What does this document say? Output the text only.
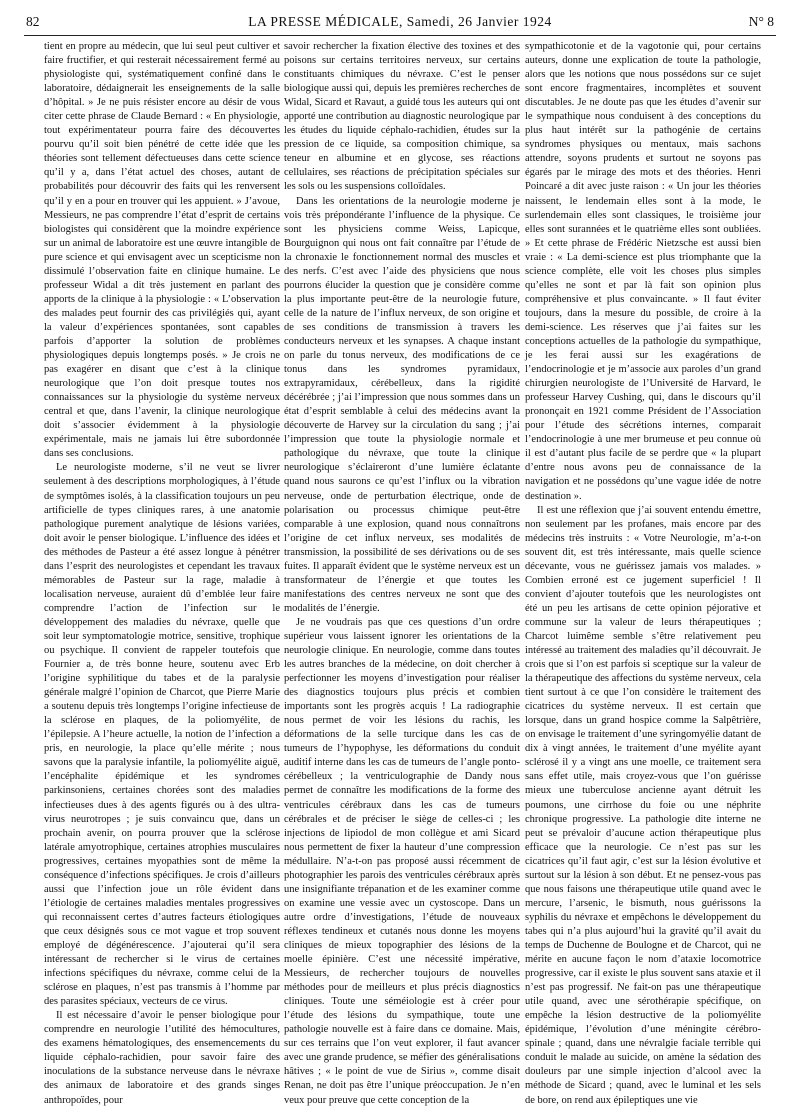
82	LA PRESSE MÉDICALE, Samedi, 26 Janvier 1924	N° 8

tient en propre au médecin, que lui seul peut cultiver et faire fructifier, et qui resterait nécessairement fermé au physiologiste qui, systématiquement confiné dans le laboratoire, dédaignerait les enseignements de la salle d’hôpital. » Je ne puis résister encore au désir de vous citer cette phrase de Claude Bernard : « En physiologie, tout expérimentateur pourra faire des découvertes pourvu qu’il soit bien pénétré de cette idée que les théories sont tellement défectueuses dans cette science qu’il y a, dans l’état actuel des choses, autant de probabilités pour découvrir des faits qui les renversent qu’il y en a pour en trouver qui les appuient. » J’avoue, Messieurs, ne pas comprendre l’état d’esprit de certains biologistes qui considèrent que la moindre expérience sur un animal de laboratoire est une œuvre intangible de pure science et qui envisagent avec un scepticisme non dissimulé l’observation faite en clinique humaine. Le professeur Widal a dit très justement en parlant des apports de la clinique à la physiologie : « L’observation des malades peut fournir des cas privilégiés qui, ayant la valeur d’expériences spontanées, sont capables parfois d’apporter la solution de problèmes physiologiques depuis longtemps posés. » Je crois ne pas exagérer en disant que c’est à la clinique neurologique que l’on doit presque toutes nos connaissances sur la physiologie du système nerveux central et que, dans l’avenir, la clinique neurologique doit s’associer évidemment à la physiologie expérimentale, mais ne jamais lui être subordonnée dans ses conclusions.

Le neurologiste moderne, s’il ne veut se livrer seulement à des descriptions morphologiques, à l’étude de symptômes isolés, à la classification toujours un peu artificielle de types cliniques rares, à une anatomie pathologique purement analytique de lésions variées, doit avoir le penser biologique. L’influence des idées et des méthodes de Pasteur a été assez longue à pénétrer dans l’esprit des neurologistes et cependant les travaux mémorables de Pasteur sur la rage, maladie à localisation nerveuse, auraient dû d’emblée leur faire comprendre l’action de l’infection sur le développement des maladies du névraxe, quelle que soit leur symptomatologie motrice, sensitive, trophique ou psychique. Il convient de rappeler toutefois que Fournier a, de très bonne heure, soutenu avec Erb l’origine syphilitique du tabes et de la paralysie générale malgré l’opinion de Charcot, que Pierre Marie a soutenu depuis très longtemps l’origine infectieuse de la sclérose en plaques, de la poliomyélite, de l’épilepsie. A l’heure actuelle, la notion de l’infection a pris, en neurologie, la place qu’elle mérite ; nous savons que la paralysie infantile, la poliomyélite aiguë, l’encéphalite épidémique et les syndromes parkinsoniens, certaines chorées sont des maladies infectieuses dues à des agents figurés ou à des ultra-virus neurotropes ; je suis convaincu que, dans un prochain avenir, on pourra prouver que la sclérose latérale amyotrophique, certaines atrophies musculaires progressives, certaines myopathies sont de même la conséquence d’infections spécifiques. Je crois d’ailleurs aussi que l’infection joue un rôle évident dans l’étiologie de certaines maladies mentales progressives qui reconnaissent certes d’autres facteurs étiologiques que ceux désignés sous ce mot vague et trop souvent employé de dégénérescence. J’ajouterai qu’il sera intéressant de rechercher si le virus de certaines infections spécifiques du névraxe, comme celui de la sclérose en plaques, n’est pas transmis à l’homme par des parasites spéciaux, vecteurs de ce virus.

Il est nécessaire d’avoir le penser biologique pour comprendre en neurologie l’utilité des hémocultures, des examens hématologiques, des ensemencements du liquide céphalo-rachidien, pour savoir faire des inoculations de la substance nerveuse dans le névraxe des animaux de laboratoire et des grands singes anthropoïdes, pour

savoir rechercher la fixation élective des toxines et des poisons sur certains territoires nerveux, sur certains constituants chimiques du névraxe. C’est le penser biologique aussi qui, depuis les premières recherches de Widal, Sicard et Ravaut, a guidé tous les auteurs qui ont apporté une contribution au diagnostic neurologique par les études du liquide céphalo-rachidien, études sur la pression de ce liquide, sa composition chimique, sa teneur en albumine et en glycose, ses réactions cellulaires, ses réactions de précipitation spéciales sur les sols ou les suspensions colloïdales.

Dans les orientations de la neurologie moderne je vois très prépondérante l’influence de la physique. Ce sont les physiciens comme Weiss, Lapicque, Bourguignon qui nous ont fait connaître par l’étude de la chronaxie le fonctionnement normal des muscles et des nerfs. C’est avec l’aide des physiciens que nous pourrons élucider la question que je considère comme la plus importante peut-être de la neurologie future, celle de la nature de l’influx nerveux, de son origine et de ses conditions de transmission à travers les conducteurs nerveux et les synapses. A chaque instant on parle du tonus nerveux, des modifications de ce tonus dans les syndromes pyramidaux, extrapyramidaux, cérébelleux, dans la rigidité décérébrée ; j’ai l’impression que nous sommes dans un état d’esprit semblable à celui des médecins avant la découverte de Harvey sur la circulation du sang ; j’ai l’impression que toute la physiologie normale et pathologique du névraxe, que toute la clinique neurologique s’éclaireront d’une lumière éclatante quand nous saurons ce qu’est l’influx ou la vibration nerveuse, onde de perturbation électrique, onde de polarisation ou processus chimique peut-être comparable à une explosion, quand nous connaîtrons l’origine de cet influx nerveux, ses modalités de transmission, la possibilité de ses dérivations ou de ses fuites. Il apparaît évident que le système nerveux est un transformateur de l’énergie et que toutes les manifestations des centres nerveux ne sont que des modalités de l’énergie.

Je ne voudrais pas que ces questions d’un ordre supérieur vous laissent ignorer les orientations de la neurologie clinique. En neurologie, comme dans toutes les autres branches de la médecine, on doit chercher à perfectionner les moyens d’investigation pour réaliser des diagnostics toujours plus précis et combien importants sont les progrès acquis ! La radiographie nous permet de voir les lésions du rachis, les déformations de la selle turcique dans les cas de tumeurs de l’hypophyse, les déformations du conduit auditif interne dans les cas de tumeurs de l’angle ponto-cérébelleux ; la ventriculographie de Dandy nous permet de connaître les modifications de la forme des ventricules cérébraux dans les cas de tumeurs cérébrales et de préciser le siège de celles-ci ; les injections de lipiodol de mon collègue et ami Sicard nous permettent de fixer la hauteur d’une compression médullaire. N’a-t-on pas proposé aussi récemment de photographier les parois des ventricules cérébraux après une insignifiante trépanation et de les examiner comme on examine une vessie avec un cystoscope. Dans un autre ordre d’investigations, l’étude de nouveaux réflexes tendineux et cutanés nous donne les moyens cliniques de mieux topographier des lésions de la moelle épinière. C’est une nécessité impérative, Messieurs, de rechercher toujours de nouvelles méthodes pour de meilleurs et plus précis diagnostics cliniques. Toute une séméiologie est à créer pour l’étude des lésions du sympathique, toute une pathologie nouvelle est à faire dans ce domaine. Mais, sur ces terrains que l’on veut explorer, il faut avancer avec une grande prudence, se méfier des généralisations hâtives ; « le point de vue de Sirius », comme disait Renan, ne doit pas être l’unique préoccupation. Je n’en veux pour preuve que cette conception de la

sympathicotonie et de la vagotonie qui, pour certains auteurs, donne une explication de toute la pathologie, alors que les notions que nous possédons sur ce sujet sont encore fragmentaires, incomplètes et souvent discutables. Je ne doute pas que les études d’avenir sur le sympathique nous conduisent à des conceptions du plus haut intérêt sur la pathogénie de certains syndromes physiques ou mentaux, mais sachons attendre, soyons prudents et surtout ne soyons pas égarés par le mirage des mots et des théories. Henri Poincaré a dit avec juste raison : « Un jour les théories naissent, le lendemain elles sont à la mode, le surlendemain elles sont classiques, le troisième jour elles sont surannées et le quatrième elles sont oubliées. » Et cette phrase de Frédéric Nietzsche est aussi bien vraie : « La demi-science est plus triomphante que la science complète, elle voit les choses plus simples qu’elles ne sont et par là fait son opinion plus compréhensive et plus convaincante. » Il faut éviter toujours, dans la mesure du possible, de croire à la demi-science. Les réserves que j’ai faites sur les conceptions actuelles de la pathologie du sympathique, je les ferai aussi sur les exagérations de l’endocrinologie et je m’associe aux paroles d’un grand chirurgien neurologiste de l’Université de Harvard, le professeur Harvey Cushing, qui, dans le discours qu’il prononçait en 1921 comme Président de l’Association pour l’étude des sécrétions internes, comparait l’endocrinologie à une mer brumeuse et peu connue où il est d’autant plus facile de se perdre que « la plupart d’entre nous avons peu de connaissance de la navigation et ne possédons qu’une vague idée de notre destination ».

Il est une réflexion que j’ai souvent entendu émettre, non seulement par les profanes, mais encore par des médecins très instruits : « Votre Neurologie, m’a-t-on souvent dit, est très intéressante, mais quelle science décevante, vous ne guérissez jamais vos malades. » Combien erroné est ce jugement superficiel ! Il convient d’ajouter toutefois que les neurologistes ont été un peu les artisans de cette opinion péjorative et commune sur la valeur de leurs thérapeutiques ; Charcot luimême semble s’être relativement peu intéressé au traitement des maladies qu’il découvrait. Je crois que si l’on est parfois si sceptique sur la valeur de la thérapeutique des affections du système nerveux, cela tient surtout à ce que l’on considère le traitement des cicatrices du système nerveux. Il est certain que lorsque, dans un grand hospice comme la Salpêtrière, on envisage le traitement d’une syringomyélie datant de dix à vingt années, le traitement d’une myélite ayant sclérosé il y a vingt ans une moelle, ce traitement sera sans effet utile, mais croyez-vous que l’on guérisse mieux une tuberculose ancienne ayant détruit les poumons, une cirrhose du foie ou une néphrite chronique progressive. La pathologie dite interne ne peut se prévaloir d’aucune action thérapeutique plus efficace que la neurologie. Ce n’est pas sur les cicatrices qu’il faut agir, c’est sur la lésion évolutive et surtout sur la lésion à son début. Et ne pensez-vous pas que nous faisons une thérapeutique utile quand avec le mercure, l’arsenic, le bismuth, nous guérissons la syphilis du névraxe et empêchons le développement du tabes qui n’a plus aujourd’hui la gravité qu’il avait du temps de Duchenne de Boulogne et de Charcot, qui ne mérite en aucune façon le nom d’ataxie locomotrice progressive, car il existe le plus souvent sans ataxie et il n’est pas progressif. Ne fait-on pas une thérapeutique utile quand, avec une sérothérapie spécifique, on empêche la lésion destructive de la poliomyélite épidémique, l’évolution d’une méningite cérébro-spinale ; quand, dans une névralgie faciale terrible qui conduit le malade au suicide, on amène la sédation des douleurs par une simple injection d’alcool avec la méthode de Sicard ; quand, avec le luminal et les sels de bore, on rend aux épileptiques une vie
